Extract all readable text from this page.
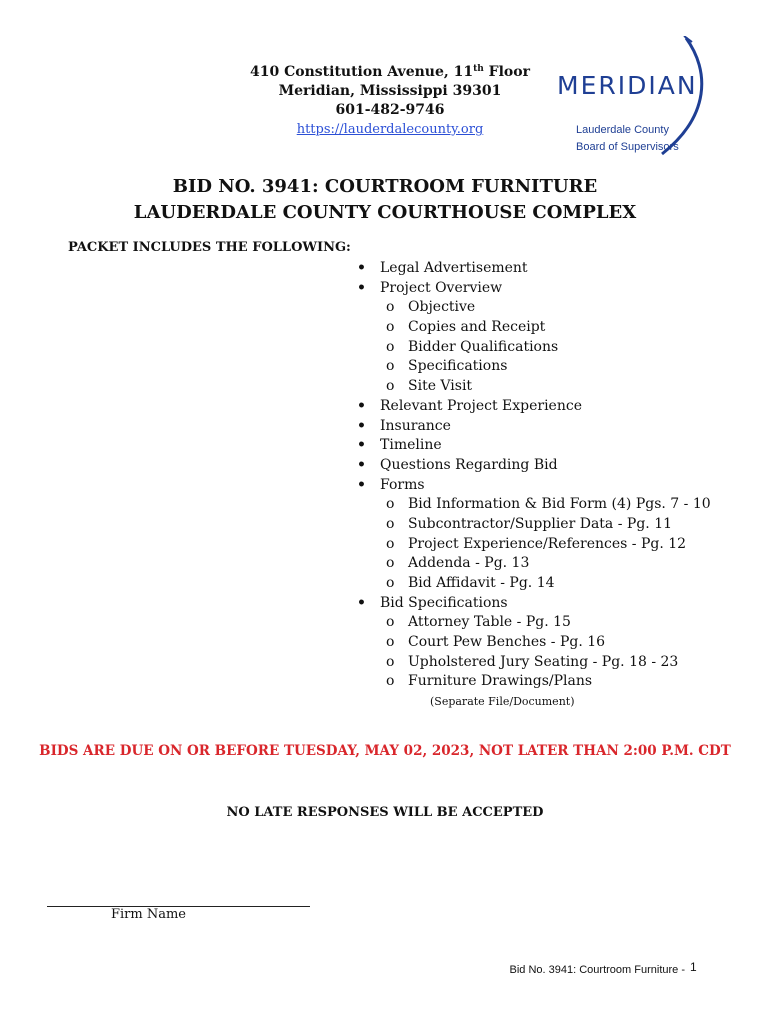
410 Constitution Avenue, 11th Floor
Meridian, Mississippi 39301
601-482-9746
https://lauderdalecounty.org
MERIDIAN
Lauderdale County
Board of Supervisors
BID NO. 3941: COURTROOM FURNITURE
LAUDERDALE COUNTY COURTHOUSE COMPLEX
PACKET INCLUDES THE FOLLOWING:
• Legal Advertisement
• Project Overview
o Objective
o Copies and Receipt
o Bidder Qualifications
o Specifications
o Site Visit
• Relevant Project Experience
• Insurance
• Timeline
• Questions Regarding Bid
• Forms
o Bid Information & Bid Form (4) Pgs. 7 - 10
o Subcontractor/Supplier Data - Pg. 11
o Project Experience/References - Pg. 12
o Addenda - Pg. 13
o Bid Affidavit - Pg. 14
• Bid Specifications
o Attorney Table - Pg. 15
o Court Pew Benches - Pg. 16
o Upholstered Jury Seating - Pg. 18 - 23
o Furniture Drawings/Plans
(Separate File/Document)
BIDS ARE DUE ON OR BEFORE TUESDAY, MAY 02, 2023, NOT LATER THAN 2:00 P.M. CDT
NO LATE RESPONSES WILL BE ACCEPTED
Firm Name
Bid No. 3941: Courtroom Furniture - 1
